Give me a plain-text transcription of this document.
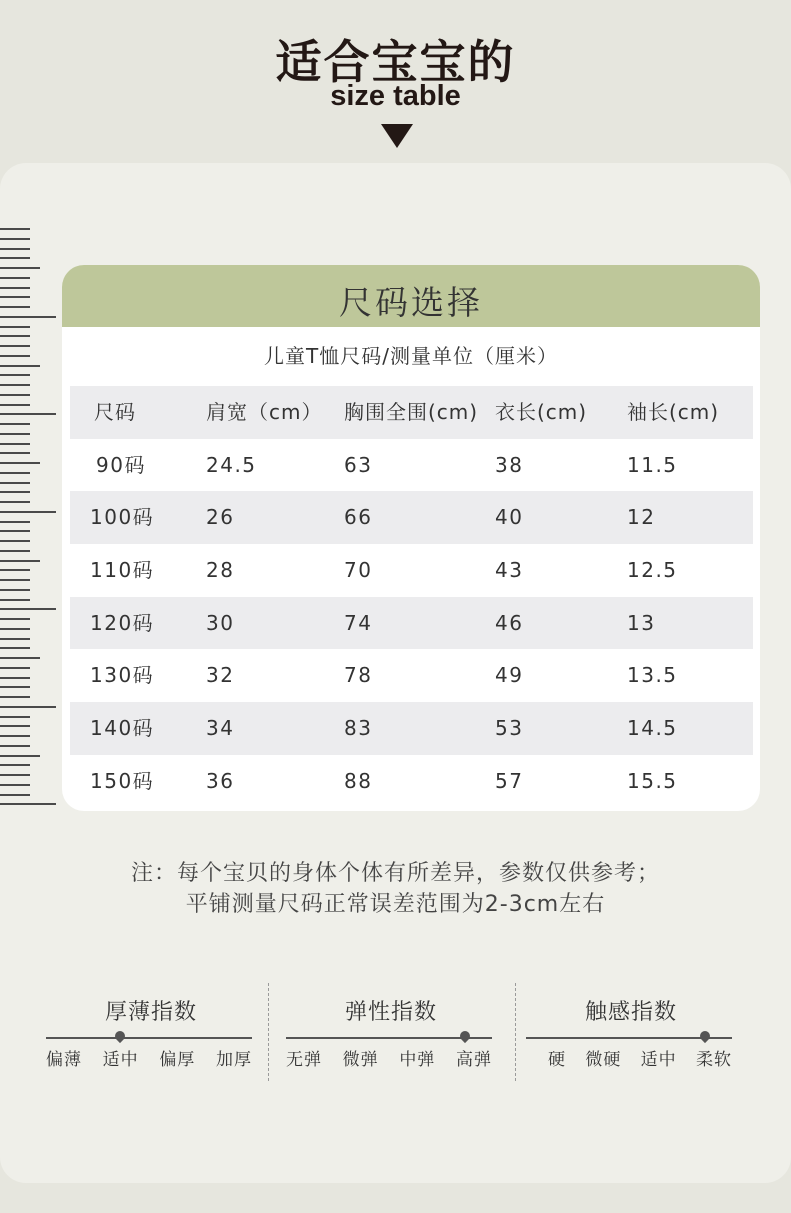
适合宝宝的
size table
尺码选择
儿童T恤尺码/测量单位（厘米）
尺码	肩宽（cm） 胸围全围(cm) 衣长(cm) 袖长(cm)
90码	24.5	63	38	11.5
100码	26	66	40	12
110码	28	70	43	12.5
120码	30	74	46	13
130码	32	78	49	13.5
140码	34	83	53	14.5
150码	36	88	57	15.5
注：每个宝贝的身体个体有所差异，参数仅供参考；
平铺测量尺码正常误差范围为2-3cm左右
厚薄指数
偏薄 适中 偏厚 加厚
弹性指数
无弹 微弹 中弹 高弹
触感指数
硬 微硬 适中 柔软
